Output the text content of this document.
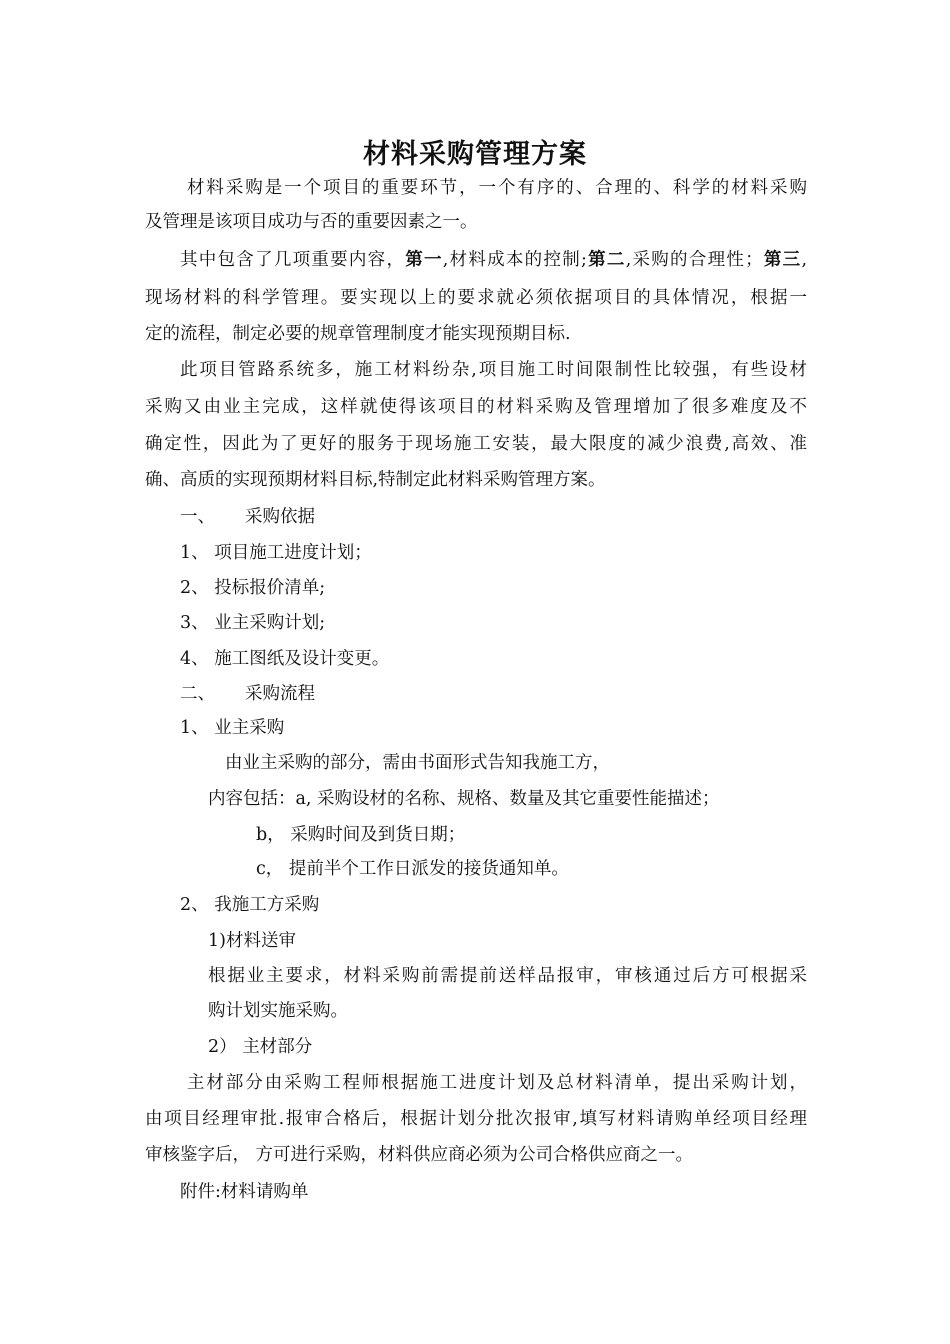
材料采购管理方案
材料采购是一个项目的重要环节，一个有序的、合理的、科学的材料采购
及管理是该项目成功与否的重要因素之一。
其中包含了几项重要内容，第一,材料成本的控制;第二,采购的合理性；第三,
现场材料的科学管理。要实现以上的要求就必须依据项目的具体情况，根据一
定的流程，制定必要的规章管理制度才能实现预期目标.
此项目管路系统多，施工材料纷杂,项目施工时间限制性比较强，有些设材
采购又由业主完成，这样就使得该项目的材料采购及管理增加了很多难度及不
确定性，因此为了更好的服务于现场施工安装，最大限度的减少浪费,高效、准
确、高质的实现预期材料目标,特制定此材料采购管理方案。
一、 采购依据
1、 项目施工进度计划；
2、 投标报价清单;
3、 业主采购计划;
4、 施工图纸及设计变更。
二、 采购流程
1、 业主采购
由业主采购的部分，需由书面形式告知我施工方，
内容包括：a, 采购设材的名称、规格、数量及其它重要性能描述；
b， 采购时间及到货日期；
c， 提前半个工作日派发的接货通知单。
2、 我施工方采购
1)材料送审
根据业主要求，材料采购前需提前送样品报审，审核通过后方可根据采
购计划实施采购。
2） 主材部分
主材部分由采购工程师根据施工进度计划及总材料清单，提出采购计划，
由项目经理审批.报审合格后，根据计划分批次报审,填写材料请购单经项目经理
审核鉴字后， 方可进行采购，材料供应商必须为公司合格供应商之一。
附件:材料请购单
